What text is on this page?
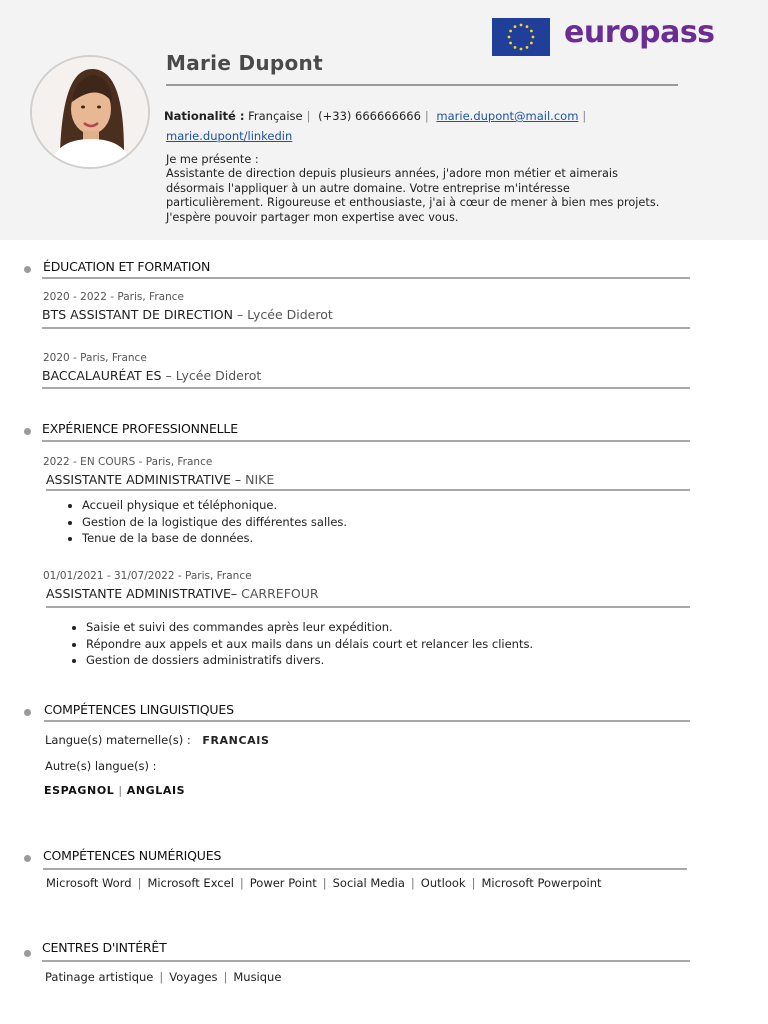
europass
Marie Dupont
Nationalité : Française | (+33) 666666666 | marie.dupont@mail.com |
marie.dupont/linkedin

Je me présente :

Assistante de direction depuis plusieurs années, j'adore mon métier et aimerais

désormais l'appliquer à un autre domaine. Votre entreprise m'intéresse

particulièrement. Rigoureuse et enthousiaste, j'ai à cœur de mener à bien mes projets.

J'espère pouvoir partager mon expertise avec vous.

ÉDUCATION ET FORMATION
2020 - 2022 - Paris, France
BTS ASSISTANT DE DIRECTION – Lycée Diderot
2020 - Paris, France
BACCALAURÉAT ES – Lycée Diderot
EXPÉRIENCE PROFESSIONNELLE
2022 - EN COURS - Paris, France
ASSISTANTE ADMINISTRATIVE – NIKE
• Accueil physique et téléphonique.
• Gestion de la logistique des différentes salles.
• Tenue de la base de données.
01/01/2021 - 31/07/2022 - Paris, France
ASSISTANTE ADMINISTRATIVE– CARREFOUR
• Saisie et suivi des commandes après leur expédition.
• Répondre aux appels et aux mails dans un délais court et relancer les clients.
• Gestion de dossiers administratifs divers.
COMPÉTENCES LINGUISTIQUES
Langue(s) maternelle(s) : FRANCAIS
Autre(s) langue(s) :
ESPAGNOL | ANGLAIS
COMPÉTENCES NUMÉRIQUES
Microsoft Word | Microsoft Excel | Power Point | Social Media | Outlook | Microsoft Powerpoint
CENTRES D'INTÉRÊT
Patinage artistique | Voyages | Musique
